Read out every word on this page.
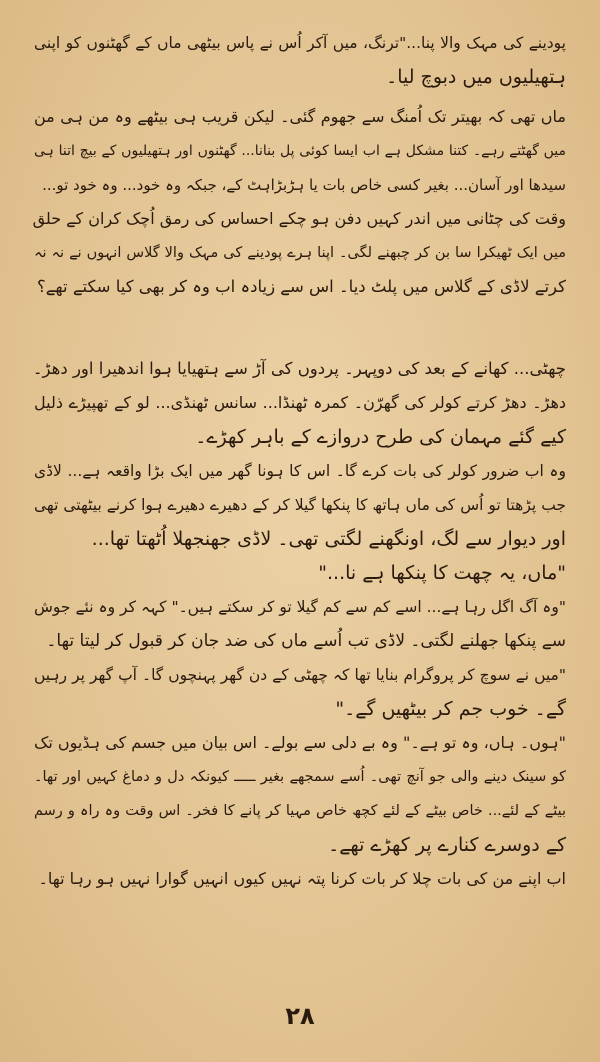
پودینے کی مہک والا پنا..."ترنگ، میں آکر اُس نے پاس بیٹھی ماں کے گھٹنوں کو اپنی
ہتھیلیوں میں دبوچ لیا۔
ماں تھی کہ بھیتر تک اُمنگ سے جھوم گئی۔ لیکن قریب ہی بیٹھے وہ من ہی من
میں گھٹتے رہے۔ کتنا مشکل ہے اب ایسا کوئی پل بنانا... گھٹنوں اور ہتھیلیوں کے بیچ اتنا ہی
سیدھا اور آسان... بغیر کسی خاص بات یا ہڑبڑاہٹ کے، جبکہ وہ خود... وہ خود تو...
وقت کی چٹانی میں اندر کہیں دفن ہو چکے احساس کی رمق اُچک کران کے حلق
میں ایک ٹھیکرا سا بن کر چبھنے لگی۔ اپنا ہرے پودینے کی مہک والا گلاس انہوں نے نہ نہ
کرتے لاڈی کے گلاس میں پلٹ دیا۔ اس سے زیادہ اب وہ کر بھی کیا سکتے تھے؟
چھٹی... کھانے کے بعد کی دوپہر۔ پردوں کی آڑ سے ہتھیایا ہوا اندھیرا اور دھڑ۔
دھڑ۔ دھڑ کرتے کولر کی گھرّن۔ کمرہ ٹھنڈا... سانس ٹھنڈی... لو کے تھپیڑے ذلیل
کیے گئے مہمان کی طرح دروازے کے باہر کھڑے۔
وہ اب ضرور کولر کی بات کرے گا۔ اس کا ہونا گھر میں ایک بڑا واقعہ ہے... لاڈی
جب پڑھتا تو اُس کی ماں ہاتھ کا پنکھا گیلا کر کے دھیرے دھیرے ہوا کرنے بیٹھتی تھی
اور دیوار سے لگ، اونگھنے لگتی تھی۔ لاڈی جھنجھلا اُٹھتا تھا...
"ماں، یہ چھت کا پنکھا ہے نا..."
"وہ آگ اگل رہا ہے... اسے کم سے کم گیلا تو کر سکتے ہیں۔" کہہ کر وہ نئے جوش
سے پنکھا جھلنے لگتی۔ لاڈی تب اُسے ماں کی ضد جان کر قبول کر لیتا تھا۔
"میں نے سوچ کر پروگرام بنایا تھا کہ چھٹی کے دن گھر پہنچوں گا۔ آپ گھر پر رہیں
گے۔ خوب جم کر بیٹھیں گے۔"
"ہوں۔ ہاں، وہ تو ہے۔" وہ بے دلی سے بولے۔ اس بیان میں جسم کی ہڈیوں تک
کو سینک دینے والی جو آنچ تھی۔ اُسے سمجھے بغیر ـــــ کیونکہ دل و دماغ کہیں اور تھا۔
بیٹے کے لئے... خاص بیٹے کے لئے کچھ خاص مہیا کر پانے کا فخر۔ اس وقت وہ راہ و رسم
کے دوسرے کنارے پر کھڑے تھے۔
اب اپنے من کی بات چلا کر بات کرنا پتہ نہیں کیوں انہیں گوارا نہیں ہو رہا تھا۔
۲۸
